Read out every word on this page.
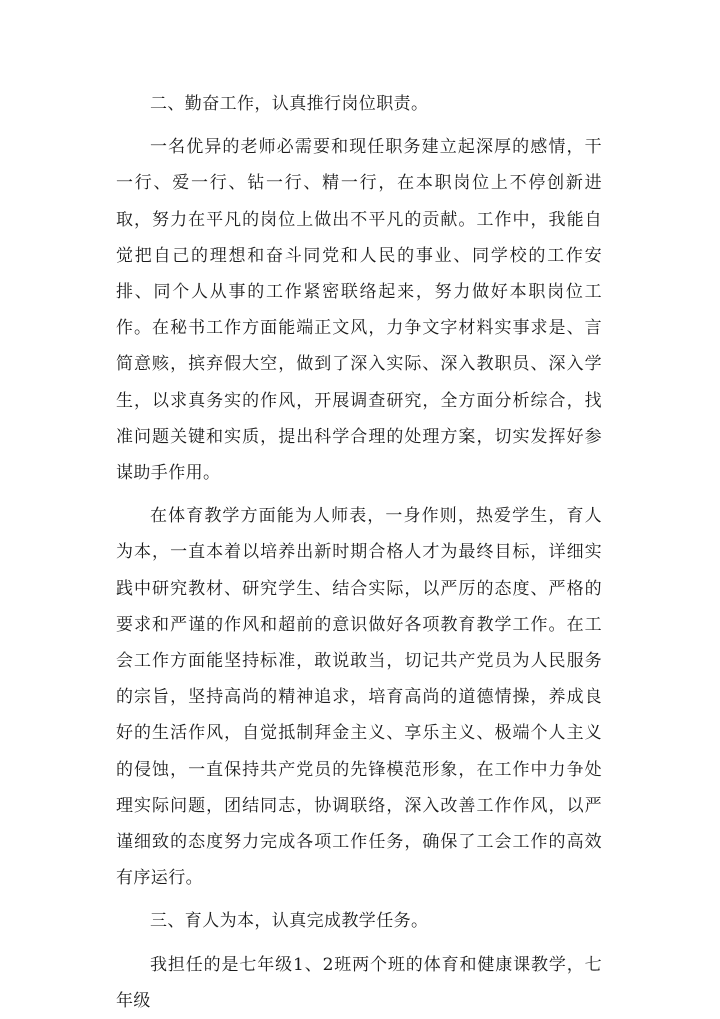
二、勤奋工作，认真推行岗位职责。

一名优异的老师必需要和现任职务建立起深厚的感情，干一行、爱一行、钻一行、精一行，在本职岗位上不停创新进取，努力在平凡的岗位上做出不平凡的贡献。工作中，我能自觉把自己的理想和奋斗同党和人民的事业、同学校的工作安排、同个人从事的工作紧密联络起来，努力做好本职岗位工作。在秘书工作方面能端正文风，力争文字材料实事求是、言简意赅，摈弃假大空，做到了深入实际、深入教职员、深入学生，以求真务实的作风，开展调查研究，全方面分析综合，找准问题关键和实质，提出科学合理的处理方案，切实发挥好参谋助手作用。

在体育教学方面能为人师表，一身作则，热爱学生，育人为本，一直本着以培养出新时期合格人才为最终目标，详细实践中研究教材、研究学生、结合实际，以严厉的态度、严格的要求和严谨的作风和超前的意识做好各项教育教学工作。在工会工作方面能坚持标准，敢说敢当，切记共产党员为人民服务的宗旨，坚持高尚的精神追求，培育高尚的道德情操，养成良好的生活作风，自觉抵制拜金主义、享乐主义、极端个人主义的侵蚀，一直保持共产党员的先锋模范形象，在工作中力争处理实际问题，团结同志，协调联络，深入改善工作作风，以严谨细致的态度努力完成各项工作任务，确保了工会工作的高效有序运行。

三、育人为本，认真完成教学任务。

我担任的是七年级1、2班两个班的体育和健康课教学，七年级
